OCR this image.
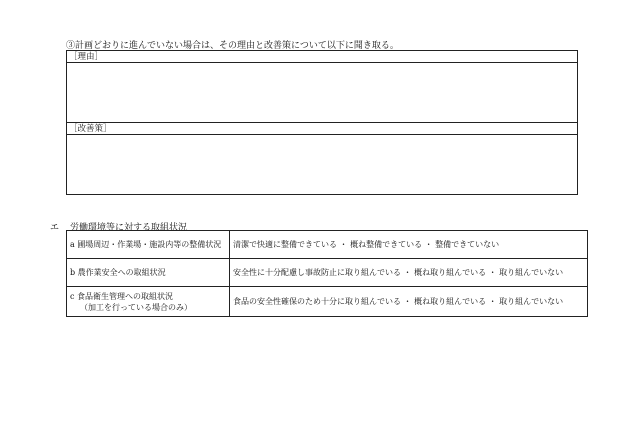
③計画どおりに進んでいない場合は、その理由と改善策について以下に聞き取る。
［理由］
［改善策］
エ 労働環境等に対する取組状況
a 圃場周辺・作業場・施設内等の整備状況	清潔で快適に整備できている ・ 概ね整備できている ・ 整備できていない
b 農作業安全への取組状況	安全性に十分配慮し事故防止に取り組んでいる ・ 概ね取り組んでいる ・ 取り組んでいない

c 食品衛生管理への取組状況
（加工を行っている場合のみ）	食品の安全性確保のため十分に取り組んでいる ・ 概ね取り組んでいる ・ 取り組んでいない
